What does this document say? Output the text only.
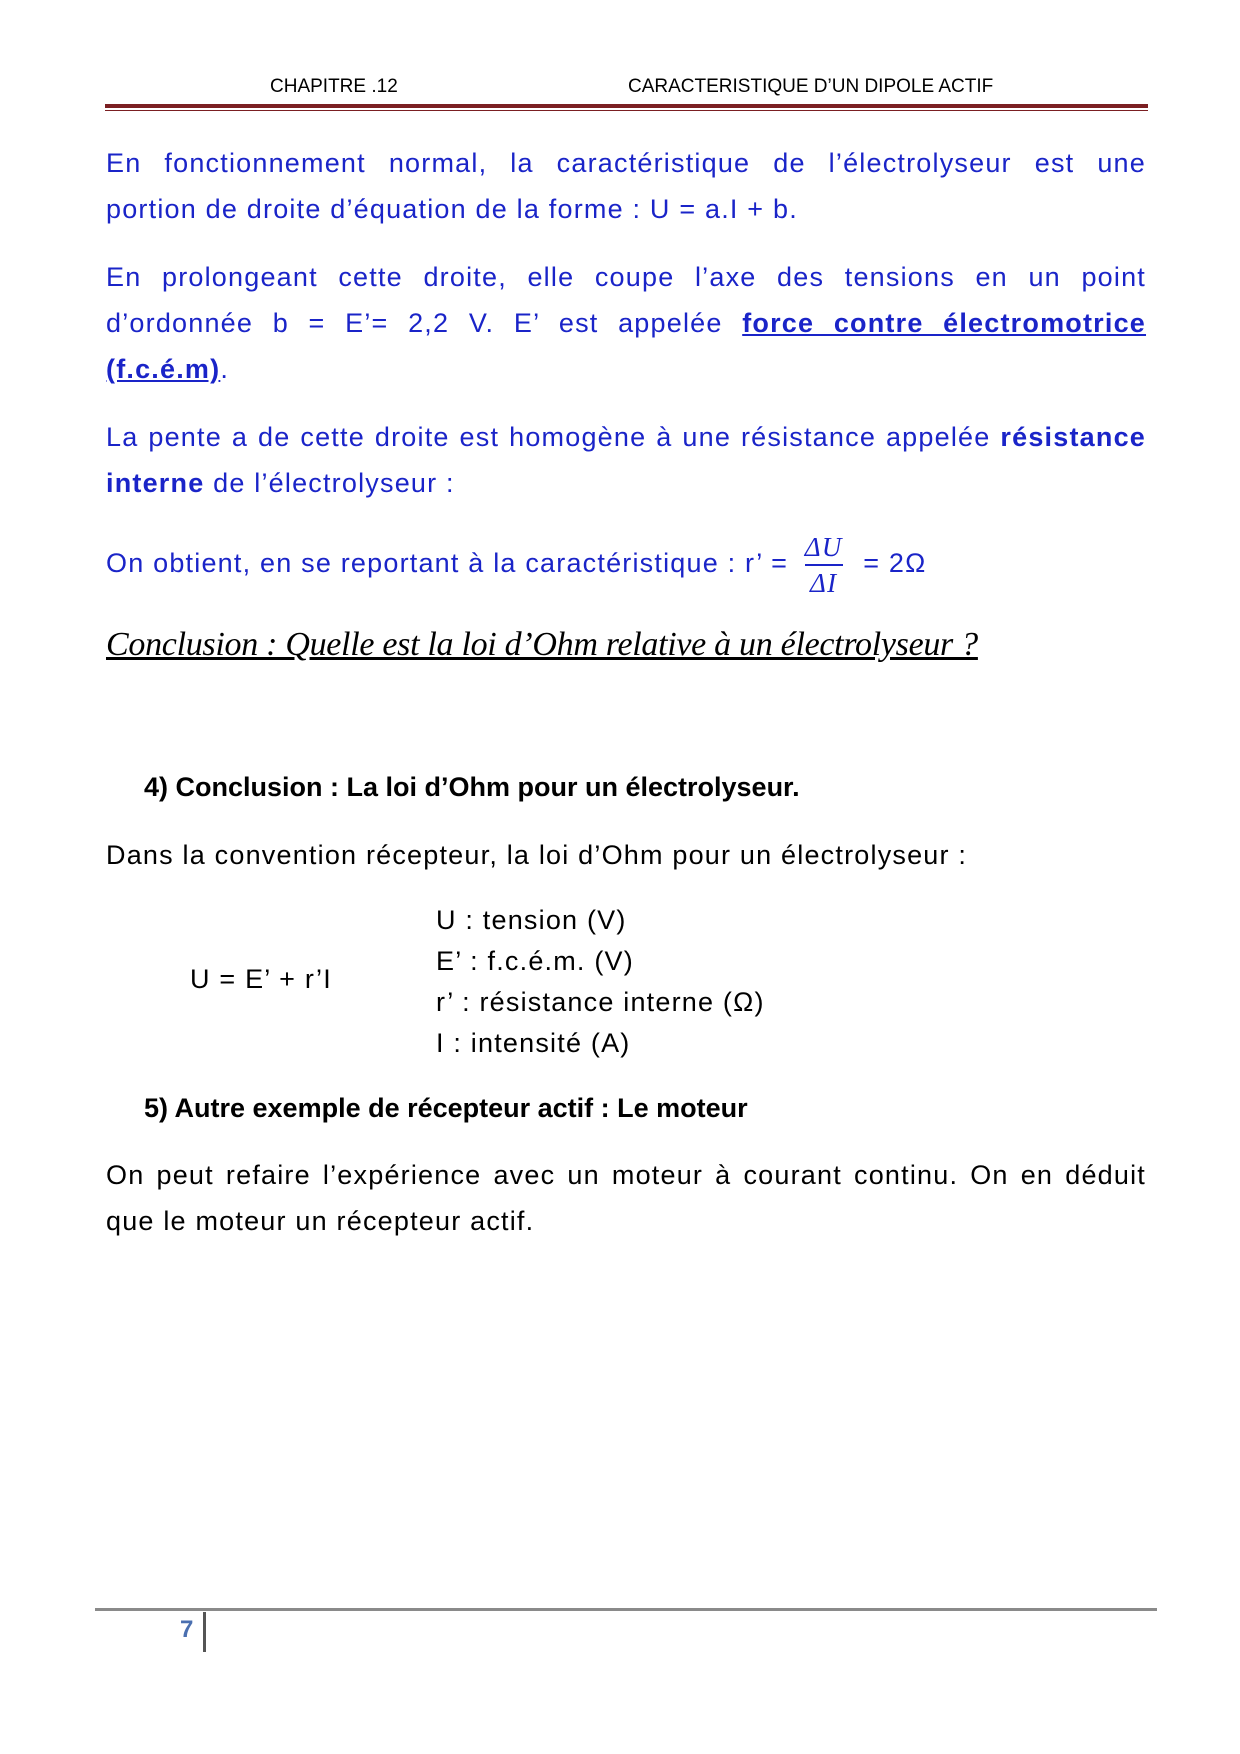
CHAPITRE .12	CARACTERISTIQUE D’UN DIPOLE ACTIF
En fonctionnement normal, la caractéristique de l’électrolyseur est une
portion de droite d’équation de la forme : U = a.I + b.
En prolongeant cette droite, elle coupe l’axe des tensions en un point
d’ordonnée b = E’= 2,2 V. E’ est appelée force contre électromotrice
(f.c.é.m).
La pente a de cette droite est homogène à une résistance appelée résistance
interne de l’électrolyseur :
On obtient, en se reportant à la caractéristique : r’ = $\frac{\Delta U}{\Delta I} = 2\Omega$
Conclusion : Quelle est la loi d’Ohm relative à un électrolyseur ?
4) Conclusion : La loi d’Ohm pour un électrolyseur.
Dans la convention récepteur, la loi d’Ohm pour un électrolyseur :
U = E’ + r’I
U : tension (V)
E’ : f.c.é.m. (V)
r’ : résistance interne (Ω)
I : intensité (A)
5) Autre exemple de récepteur actif : Le moteur
On peut refaire l’expérience avec un moteur à courant continu. On en déduit
que le moteur un récepteur actif.
7
